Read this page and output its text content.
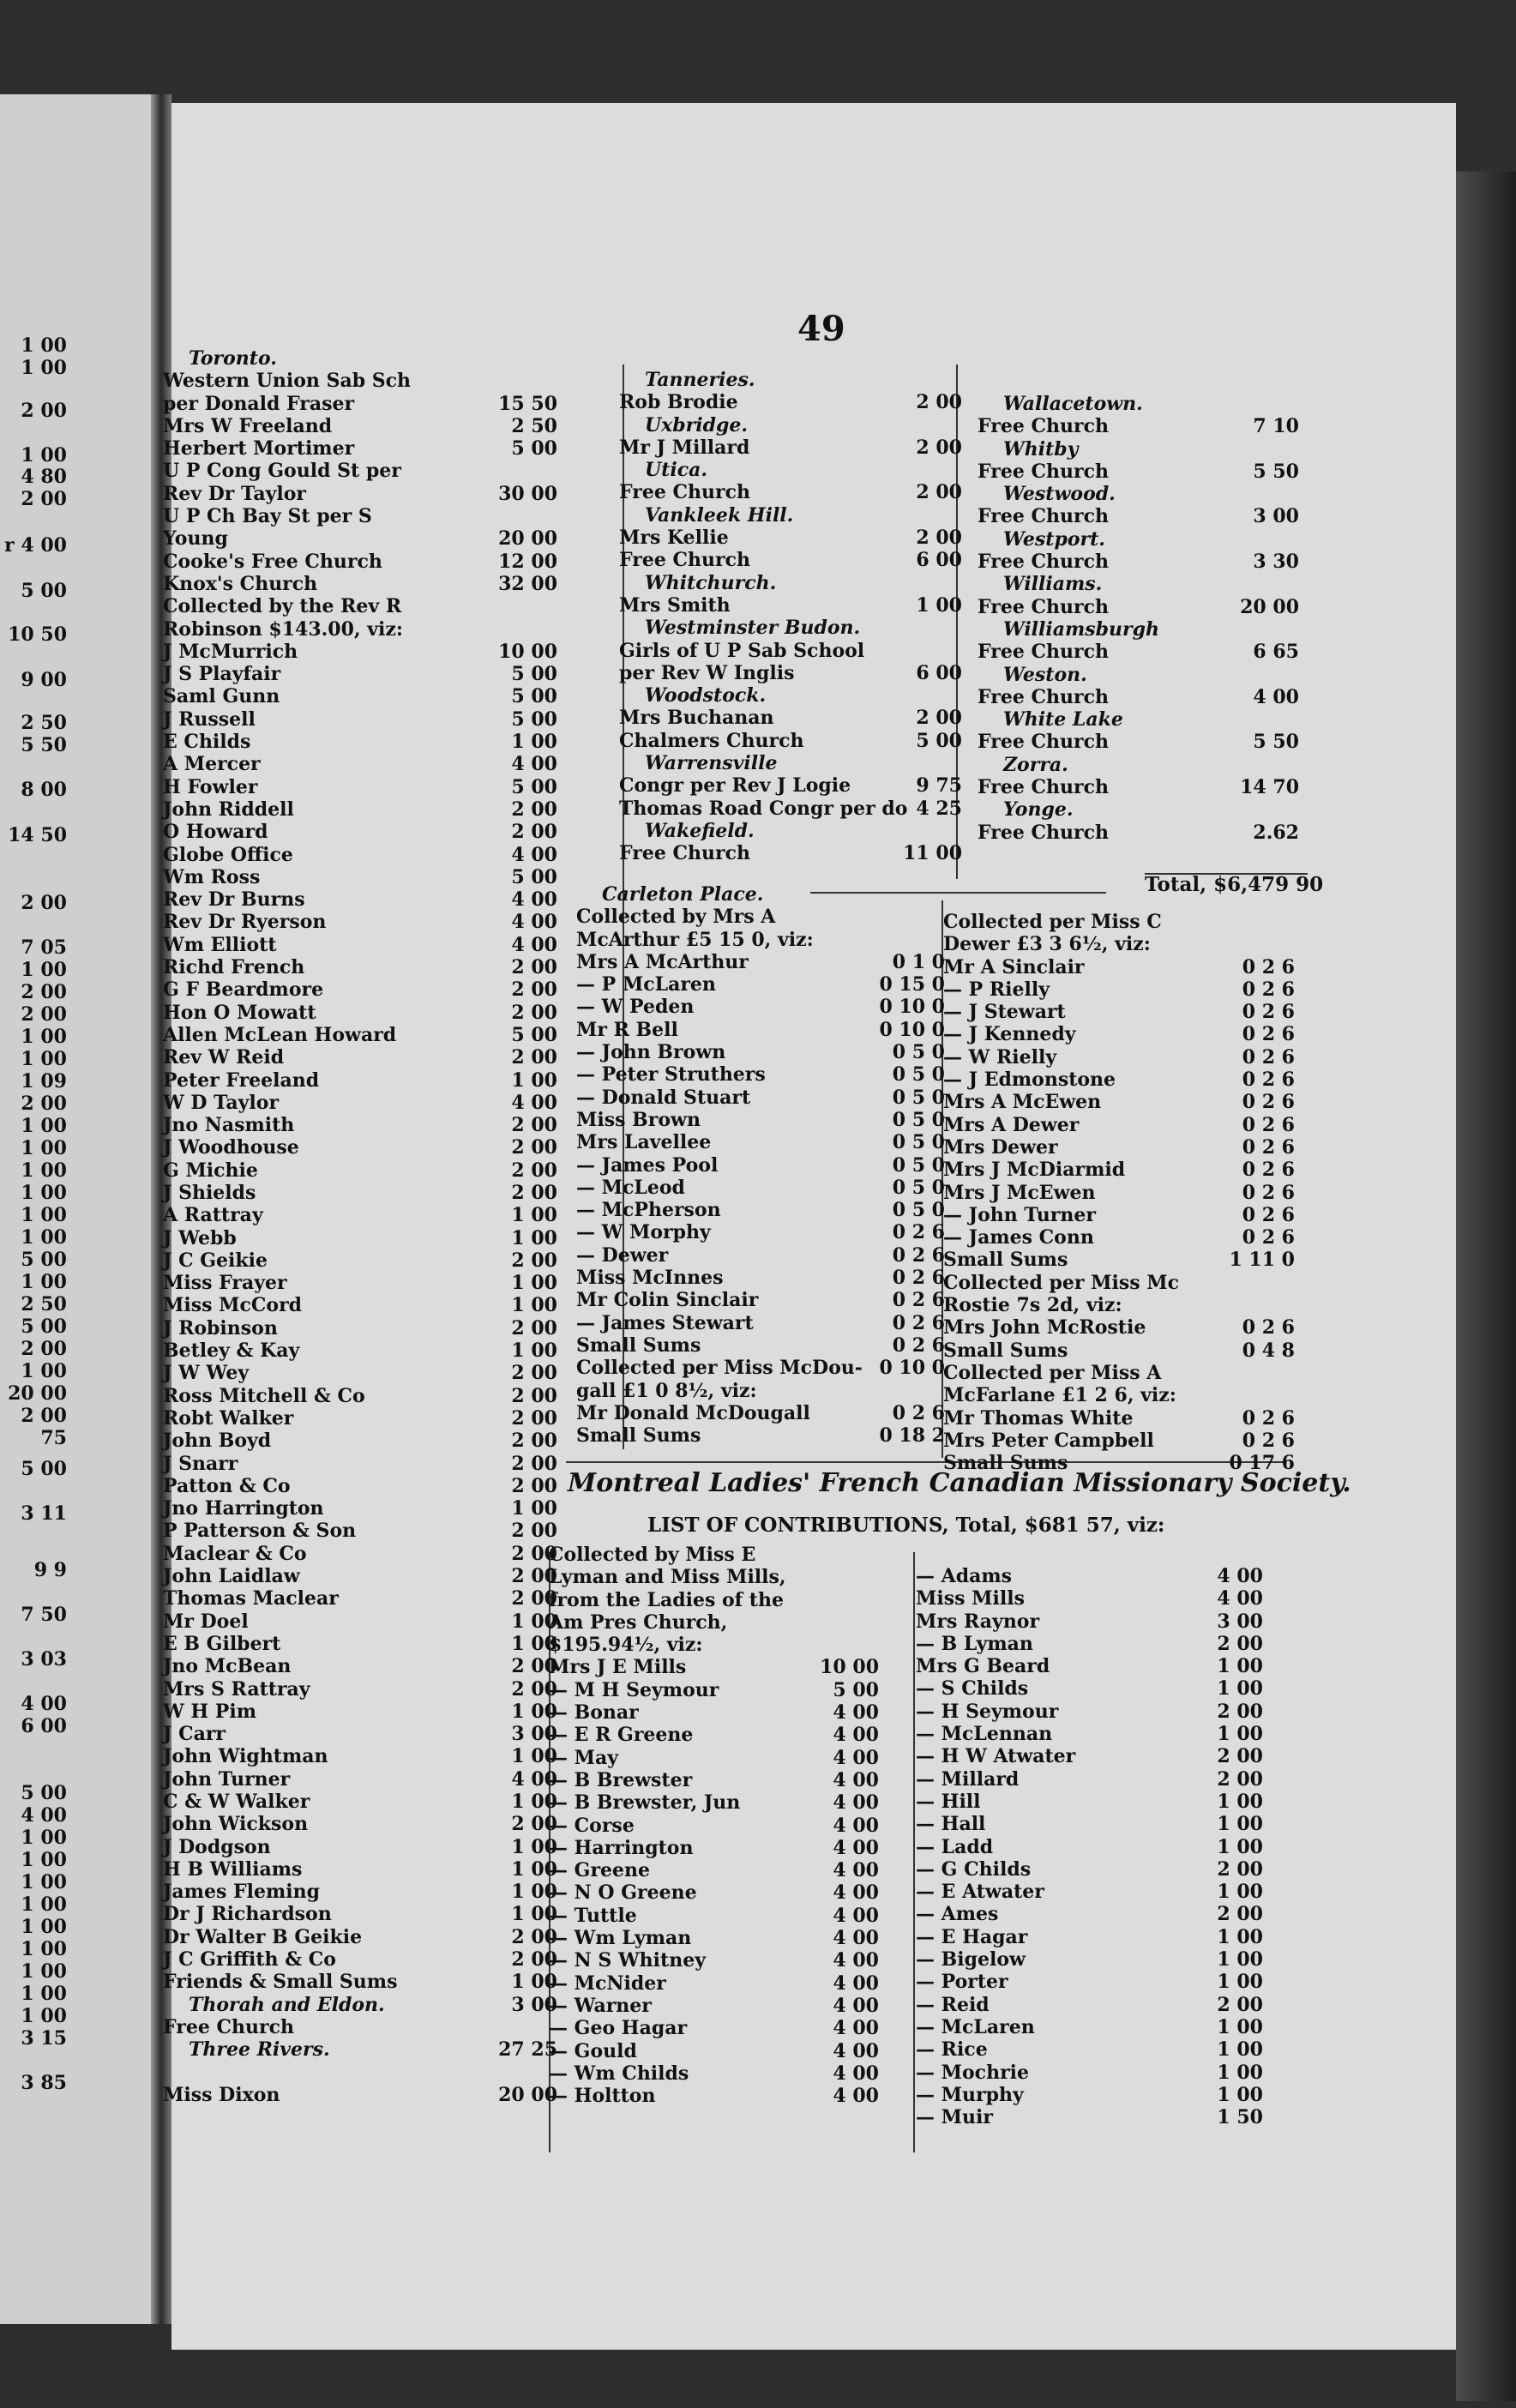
1 00
1 00
2 00
1 00
4 80
2 00
r 4 00
5 00
10 50
9 00
2 50
5 50
8 00
14 50
2 00
7 05
1 00
2 00
2 00
1 00
1 00
1 09
2 00
1 00
1 00
1 00
1 00
1 00
1 00
5 00
1 00
2 50
5 00
2 00
1 00
20 00
2 00
75
5 00
3 11
9 9
7 50
3 03
4 00
6 00
5 00
4 00
1 00
1 00
1 00
1 00
1 00
1 00
1 00
1 00
1 00
3 15
3 85
49
Toronto.
Western Union Sab Sch
per Donald Fraser	15 50
Mrs W Freeland	2 50
Herbert Mortimer	5 00
U P Cong Gould St per
Rev Dr Taylor	30 00
U P Ch Bay St per S
Young	20 00
Cooke's Free Church	12 00
Knox's Church	32 00
Collected by the Rev R
Robinson $143.00, viz:
J McMurrich	10 00
J S Playfair	5 00
Saml Gunn	5 00
J Russell	5 00
E Childs	1 00
A Mercer	4 00
H Fowler	5 00
John Riddell	2 00
O Howard	2 00
Globe Office	4 00
Wm Ross	5 00
Rev Dr Burns	4 00
Rev Dr Ryerson	4 00
Wm Elliott	4 00
Richd French	2 00
G F Beardmore	2 00
Hon O Mowatt	2 00
Allen McLean Howard	5 00
Rev W Reid	2 00
Peter Freeland	1 00
W D Taylor	4 00
Jno Nasmith	2 00
J Woodhouse	2 00
G Michie	2 00
J Shields	2 00
A Rattray	1 00
J Webb	1 00
J C Geikie	2 00
Miss Frayer	1 00
Miss McCord	1 00
J Robinson	2 00
Betley & Kay	1 00
J W Wey	2 00
Ross Mitchell & Co	2 00
Robt Walker	2 00
John Boyd	2 00
J Snarr	2 00
Patton & Co	2 00
Jno Harrington	1 00
P Patterson & Son	2 00
Maclear & Co	2 00
John Laidlaw	2 00
Thomas Maclear	2 00
Mr Doel	1 00
E B Gilbert	1 00
Jno McBean	2 00
Mrs S Rattray	2 00
W H Pim	1 00
J Carr	3 00
John Wightman	1 00
John Turner	4 00
C & W Walker	1 00
John Wickson	2 00
J Dodgson	1 00
H B Williams	1 00
James Fleming	1 00
Dr J Richardson	1 00
Dr Walter B Geikie	2 00
J C Griffith & Co	2 00
Friends & Small Sums	1 00
Thorah and Eldon.	3 00
Free Church
Three Rivers.	27 25
Miss Dixon	20 00
Tanneries.
Rob Brodie	2 00
Uxbridge.
Mr J Millard	2 00
Utica.
Free Church	2 00
Vankleek Hill.
Mrs Kellie	2 00
Free Church	6 00
Whitchurch.
Mrs Smith	1 00
Westminster Budon.
Girls of U P Sab School
per Rev W Inglis	6 00
Woodstock.
Mrs Buchanan	2 00
Chalmers Church	5 00
Warrensville
Congr per Rev J Logie	9 75
Thomas Road Congr per do 4 25
Wakefield.
Free Church	11 00
Wallacetown.
Free Church	7 10
Whitby
Free Church	5 50
Westwood.
Free Church	3 00
Westport.
Free Church	3 30
Williams.
Free Church	20 00
Williamsburgh
Free Church	6 65
Weston.
Free Church	4 00
White Lake
Free Church	5 50
Zorra.
Free Church	14 70
Yonge.
Free Church	2.62
Total, $6,479 90
Carleton Place.
Collected by Mrs A
McArthur £5 15 0, viz:
Mrs A McArthur	0 1 0
— P McLaren	0 15 0
— W Peden	0 10 0
Mr R Bell	0 10 0
— John Brown	0 5 0
— Peter Struthers	0 5 0
— Donald Stuart	0 5 0
Miss Brown	0 5 0
Mrs Lavellee	0 5 0
— James Pool	0 5 0
— McLeod	0 5 0
— McPherson	0 5 0
— W Morphy	0 2 6
— Dewer	0 2 6
Miss McInnes	0 2 6
Mr Colin Sinclair	0 2 6
— James Stewart	0 2 6
Small Sums	0 2 6
Collected per Miss McDou- 0 10 0
gall £1 0 8½, viz:
Mr Donald McDougall	0 2 6
Small Sums	0 18 2
Collected per Miss C
Dewer £3 3 6½, viz:
Mr A Sinclair	0 2 6
— P Rielly	0 2 6
— J Stewart	0 2 6
— J Kennedy	0 2 6
— W Rielly	0 2 6
— J Edmonstone	0 2 6
Mrs A McEwen	0 2 6
Mrs A Dewer	0 2 6
Mrs Dewer	0 2 6
Mrs J McDiarmid	0 2 6
Mrs J McEwen	0 2 6
— John Turner	0 2 6
— James Conn	0 2 6
Small Sums	1 11 0
Collected per Miss Mc
Rostie 7s 2d, viz:
Mrs John McRostie	0 2 6
Small Sums	0 4 8
Collected per Miss A
McFarlane £1 2 6, viz:
Mr Thomas White	0 2 6
Mrs Peter Campbell	0 2 6
Small Sums	0 17 6
Montreal Ladies' French Canadian Missionary Society.
LIST OF CONTRIBUTIONS, Total, $681 57, viz:
Collected by Miss E
Lyman and Miss Mills,
from the Ladies of the
Am Pres Church,
$195.94½, viz:
Mrs J E Mills	10 00
— M H Seymour	5 00
— Bonar	4 00
— E R Greene	4 00
— May	4 00
— B Brewster	4 00
— B Brewster, Jun	4 00
— Corse	4 00
— Harrington	4 00
— Greene	4 00
— N O Greene	4 00
— Tuttle	4 00
— Wm Lyman	4 00
— N S Whitney	4 00
— McNider	4 00
— Warner	4 00
— Geo Hagar	4 00
— Gould	4 00
— Wm Childs	4 00
— Holtton	4 00
— Adams	4 00
Miss Mills	4 00
Mrs Raynor	3 00
— B Lyman	2 00
Mrs G Beard	1 00
— S Childs	1 00
— H Seymour	2 00
— McLennan	1 00
— H W Atwater	2 00
— Millard	2 00
— Hill	1 00
— Hall	1 00
— Ladd	1 00
— G Childs	2 00
— E Atwater	1 00
— Ames	2 00
— E Hagar	1 00
— Bigelow	1 00
— Porter	1 00
— Reid	2 00
— McLaren	1 00
— Rice	1 00
— Mochrie	1 00
— Murphy	1 00
— Muir	1 50
